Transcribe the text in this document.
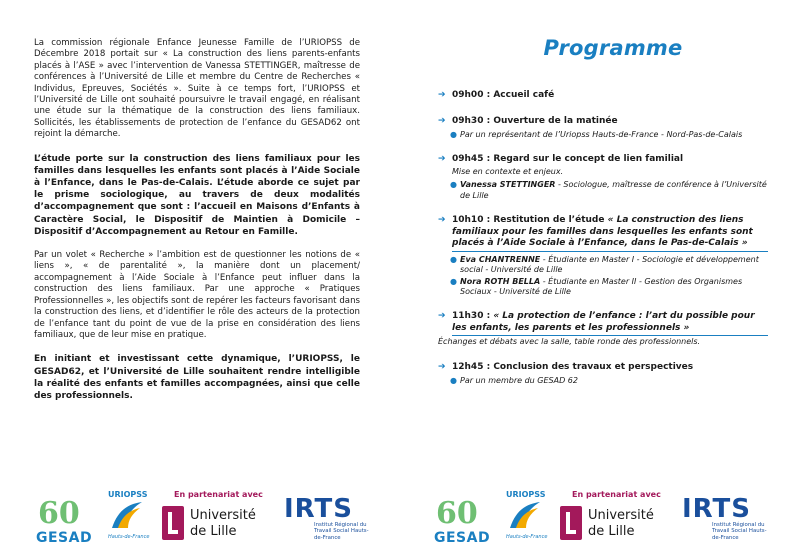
La commission régionale Enfance Jeunesse Famille de l’URIOPSS de Décembre 2018 portait sur « La construction des liens parents-enfants placés à l’ASE » avec l’intervention de Vanessa STETTINGER, maîtresse de conférences à l’Université de Lille et membre du Centre de Recherches « Individus, Epreuves, Sociétés ». Suite à ce temps fort, l’URIOPSS et l’Université de Lille ont souhaité poursuivre le travail engagé, en réalisant une étude sur la thématique de la construction des liens familiaux. Sollicités, les établissements de protection de l’enfance du GESAD62 ont rejoint la démarche.

L’étude porte sur la construction des liens familiaux pour les familles dans lesquelles les enfants sont placés à l’Aide Sociale à l’Enfance, dans le Pas-de-Calais. L’étude aborde ce sujet par le prisme sociologique, au travers de deux modalités d’accompagnement que sont : l’accueil en Maisons d’Enfants à Caractère Social, le Dispositif de Maintien à Domicile – Dispositif d’Accompagnement au Retour en Famille.

Par un volet « Recherche » l’ambition est de questionner les notions de « liens », « de parentalité », la manière dont un placement/ accompagnement à l’Aide Sociale à l’Enfance peut influer dans la construction des liens familiaux. Par une approche « Pratiques Professionnelles », les objectifs sont de repérer les facteurs favorisant dans la construction des liens, et d’identifier le rôle des acteurs de la protection de l’enfance tant du point de vue de la prise en considération des liens familiaux, que de leur mise en pratique.

En initiant et investissant cette dynamique, l’URIOPSS, le GESAD62, et l’Université de Lille souhaitent rendre intelligible la réalité des enfants et familles accompagnées, ainsi que celle des professionnels.

60
GESAD
URIOPSS
Hauts-de-France
En partenariat avec
Université
de Lille
IRTS
Institut Régional du Travail Social Hauts-de-France
Programme
➔ 09h00 : Accueil café
➔ 09h30 : Ouverture de la matinée
● Par un représentant de l’Uriopss Hauts-de-France - Nord-Pas-de-Calais
➔ 09h45 : Regard sur le concept de lien familial
Mise en contexte et enjeux.
● Vanessa STETTINGER - Sociologue, maîtresse de conférence à l’Université de Lille
➔ 10h10 : Restitution de l’étude « La construction des liens familiaux pour les familles dans lesquelles les enfants sont placés à l’Aide Sociale à l’Enfance, dans le Pas-de-Calais »
● Eva CHANTRENNE - Étudiante en Master I - Sociologie et développement social - Université de Lille
● Nora ROTH BELLA - Étudiante en Master II - Gestion des Organismes Sociaux - Université de Lille
➔ 11h30 : « La protection de l’enfance : l’art du possible pour les enfants, les parents et les professionnels »
Échanges et débats avec la salle, table ronde des professionnels.
➔ 12h45 : Conclusion des travaux et perspectives
● Par un membre du GESAD 62
60
GESAD
URIOPSS
Hauts-de-France
En partenariat avec
Université
de Lille
IRTS
Institut Régional du Travail Social Hauts-de-France
